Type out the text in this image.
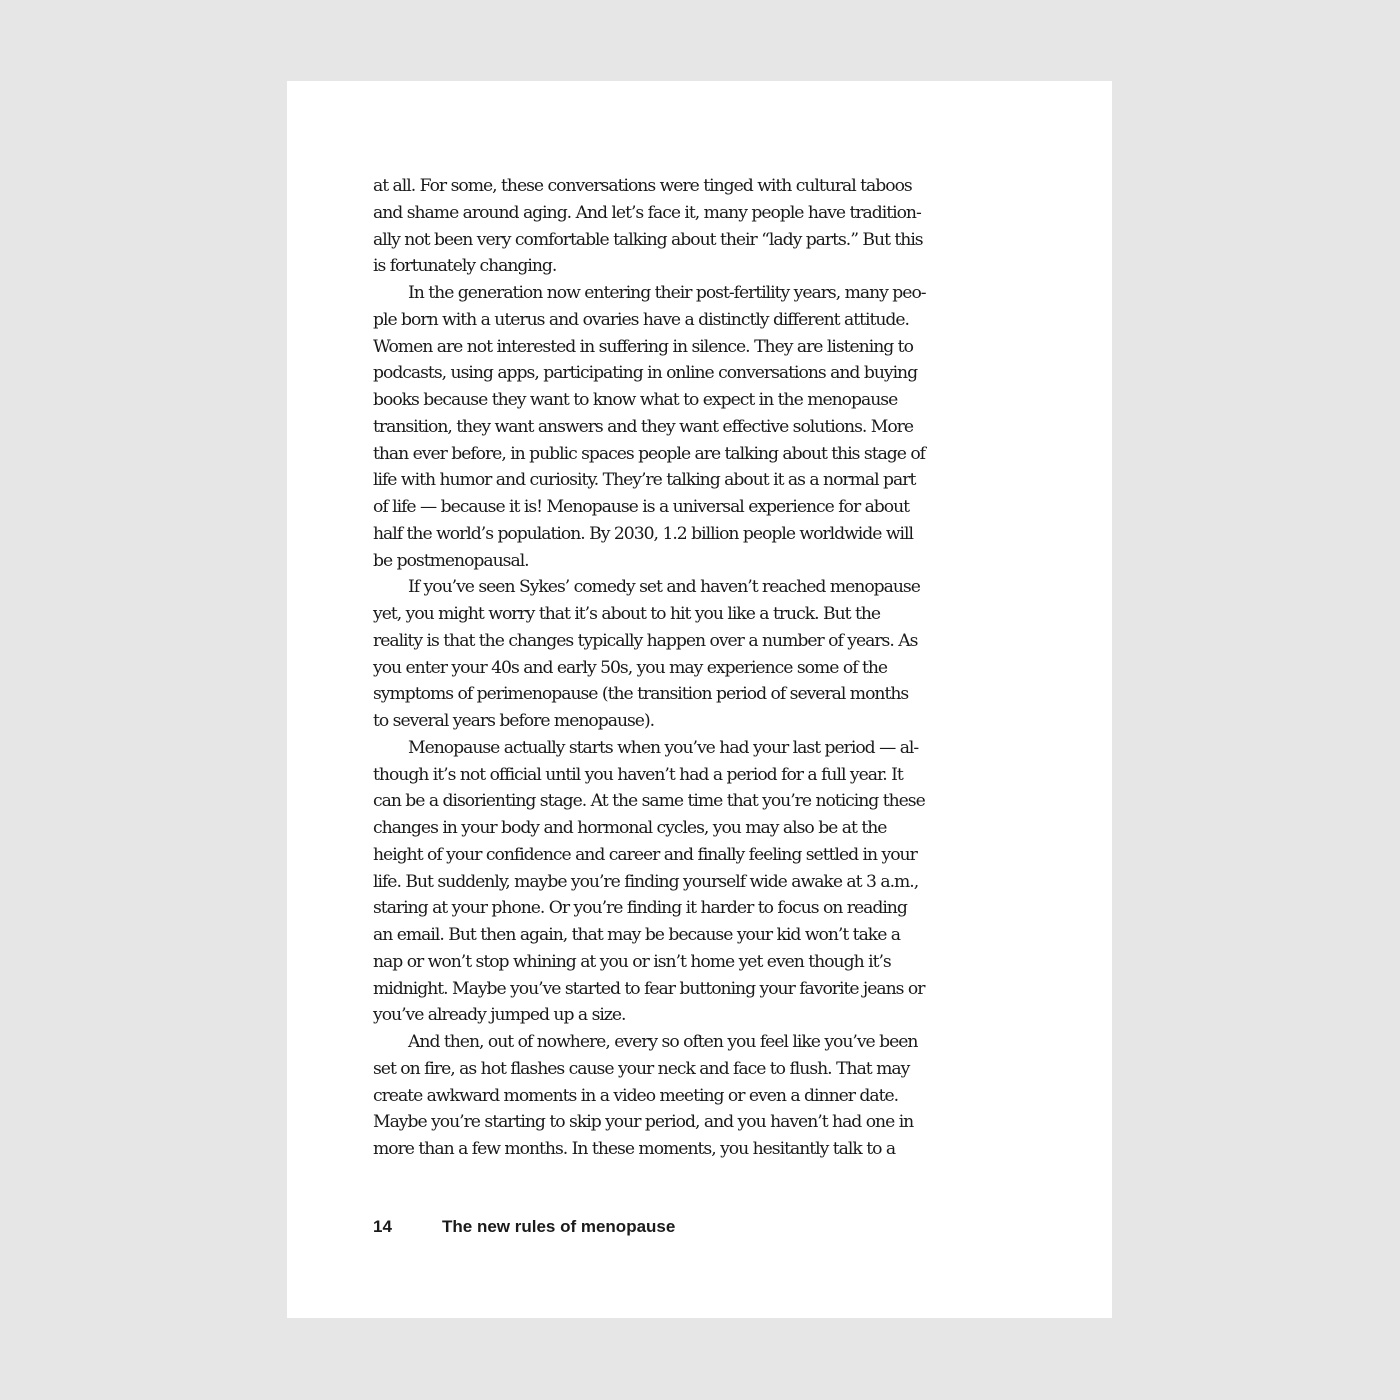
at all. For some, these conversations were tinged with cultural taboos
and shame around aging. And let’s face it, many people have tradition-
ally not been very comfortable talking about their “lady parts.” But this
is fortunately changing.
In the generation now entering their post-fertility years, many peo-
ple born with a uterus and ovaries have a distinctly different attitude.
Women are not interested in suffering in silence. They are listening to
podcasts, using apps, participating in online conversations and buying
books because they want to know what to expect in the menopause
transition, they want answers and they want effective solutions. More
than ever before, in public spaces people are talking about this stage of
life with humor and curiosity. They’re talking about it as a normal part
of life — because it is! Menopause is a universal experience for about
half the world’s population. By 2030, 1.2 billion people worldwide will
be postmenopausal.
If you’ve seen Sykes’ comedy set and haven’t reached menopause
yet, you might worry that it’s about to hit you like a truck. But the
reality is that the changes typically happen over a number of years. As
you enter your 40s and early 50s, you may experience some of the
symptoms of perimenopause (the transition period of several months
to several years before menopause).
Menopause actually starts when you’ve had your last period — al-
though it’s not official until you haven’t had a period for a full year. It
can be a disorienting stage. At the same time that you’re noticing these
changes in your body and hormonal cycles, you may also be at the
height of your confidence and career and finally feeling settled in your
life. But suddenly, maybe you’re finding yourself wide awake at 3 a.m.,
staring at your phone. Or you’re finding it harder to focus on reading
an email. But then again, that may be because your kid won’t take a
nap or won’t stop whining at you or isn’t home yet even though it’s
midnight. Maybe you’ve started to fear buttoning your favorite jeans or
you’ve already jumped up a size.
And then, out of nowhere, every so often you feel like you’ve been
set on fire, as hot flashes cause your neck and face to flush. That may
create awkward moments in a video meeting or even a dinner date.
Maybe you’re starting to skip your period, and you haven’t had one in
more than a few months. In these moments, you hesitantly talk to a
14	The new rules of menopause
